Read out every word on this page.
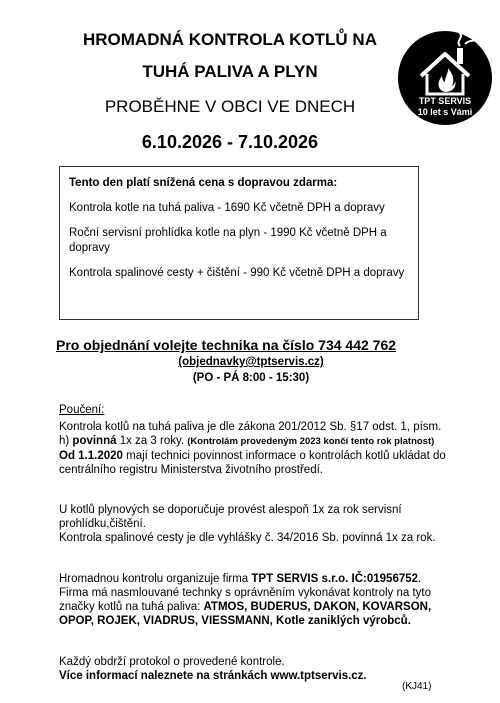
HROMADNÁ KONTROLA KOTLŮ NA
TUHÁ PALIVA A PLYN
PROBĚHNE V OBCI VE DNECH
6.10.2026 - 7.10.2026
TPT SERVIS
10 let s Vámi
Tento den platí snížená cena s dopravou zdarma:
Kontrola kotle na tuhá paliva - 1690 Kč včetně DPH a dopravy
Roční servisní prohlídka kotle na plyn - 1990 Kč včetně DPH a dopravy
Kontrola spalinové cesty + čištění - 990 Kč včetně DPH a dopravy
Pro objednání volejte technika na číslo 734 442 762
(objednavky@tptservis.cz)
(PO - PÁ 8:00 - 15:30)
Poučení:

Kontrola kotlů na tuhá paliva je dle zákona 201/2012 Sb. §17 odst. 1, písm. h) povinná 1x za 3 roky. (Kontrolám provedeným 2023 končí tento rok platnost)

Od 1.1.2020 mají technici povinnost informace o kontrolách kotlů ukládat do centrálního registru Ministerstva životního prostředí.

U kotlů plynových se doporučuje provést alespoň 1x za rok servisní prohlídku,čištění.

Kontrola spalinové cesty je dle vyhlášky č. 34/2016 Sb. povinná 1x za rok.

Hromadnou kontrolu organizuje firma TPT SERVIS s.r.o. IČ:01956752.

Firma má nasmlouvané technky s oprávněním vykonávat kontroly na tyto značky kotlů na tuhá paliva: ATMOS, BUDERUS, DAKON, KOVARSON, OPOP, ROJEK, VIADRUS, VIESSMANN, Kotle zaniklých výrobců.

Každý obdrží protokol o provedené kontrole.

Více informací naleznete na stránkách www.tptservis.cz.

(KJ41)
